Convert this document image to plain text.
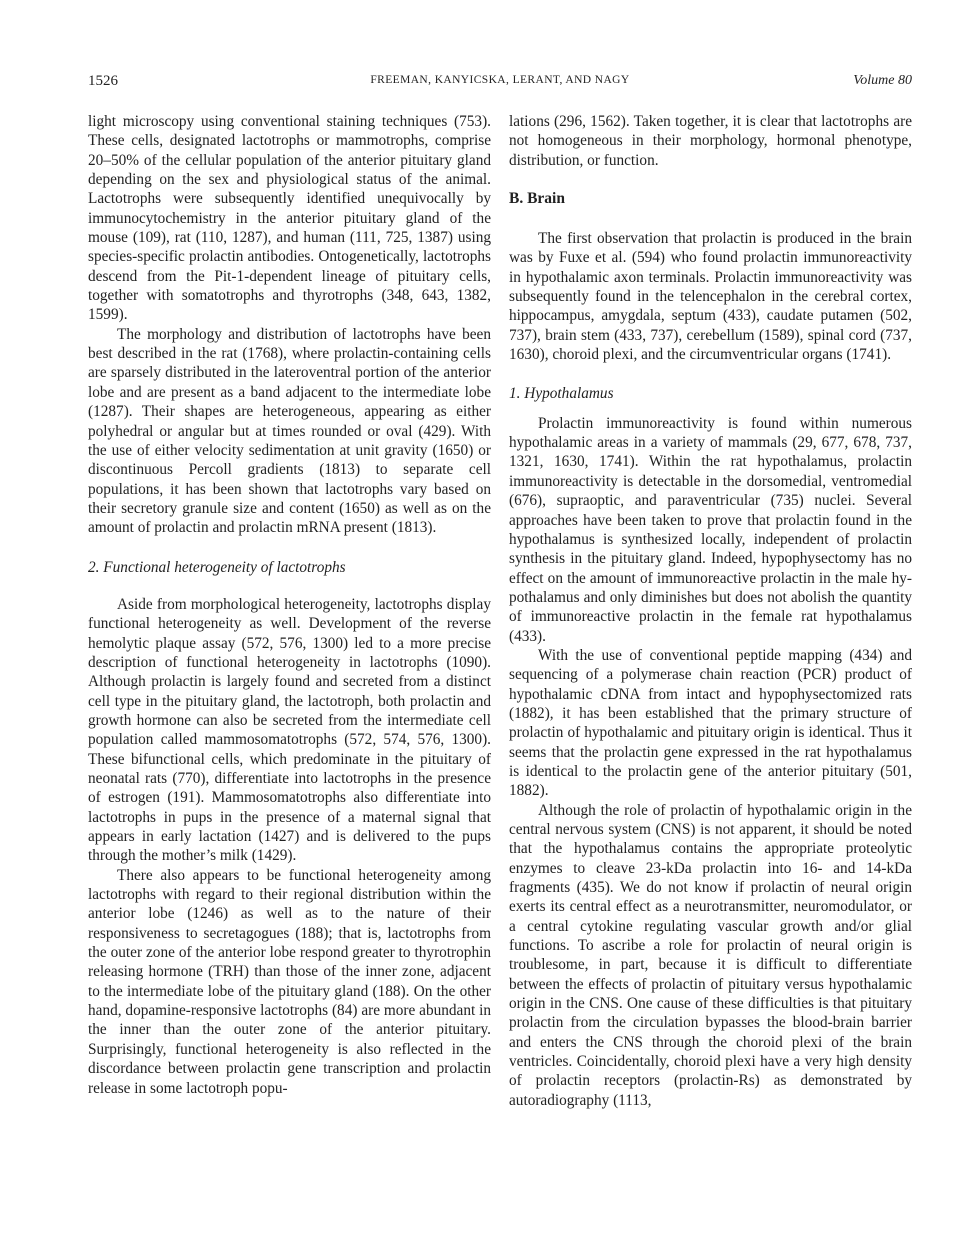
1526	FREEMAN, KANYICSKA, LERANT, AND NAGY	Volume 80

light microscopy using conventional staining techniques (753). These cells, designated lactotrophs or mammotrophs, comprise 20–50% of the cellular population of the anterior pituitary gland depending on the sex and physiological status of the animal. Lactotrophs were subsequently identified unequivocally by immunocytochemistry in the anterior pituitary gland of the mouse (109), rat (110, 1287), and human (111, 725, 1387) using species-specific prolactin antibodies. Ontogenetically, lactotrophs descend from the Pit-1-dependent lineage of pituitary cells, together with somatotrophs and thyrotrophs (348, 643, 1382, 1599).

The morphology and distribution of lactotrophs have been best described in the rat (1768), where prolactin-containing cells are sparsely distributed in the lateroventral portion of the anterior lobe and are present as a band adjacent to the intermediate lobe (1287). Their shapes are heterogeneous, appearing as either polyhedral or angular but at times rounded or oval (429). With the use of either velocity sedimentation at unit gravity (1650) or discontinuous Percoll gradients (1813) to separate cell populations, it has been shown that lactotrophs vary based on their secretory granule size and content (1650) as well as on the amount of prolactin and prolactin mRNA present (1813).

2. Functional heterogeneity of lactotrophs

Aside from morphological heterogeneity, lactotrophs display functional heterogeneity as well. Development of the reverse hemolytic plaque assay (572, 576, 1300) led to a more precise description of functional heterogeneity in lactotrophs (1090). Although prolactin is largely found and secreted from a distinct cell type in the pituitary gland, the lactotroph, both prolactin and growth hormone can also be secreted from the intermediate cell population called mammosomatotrophs (572, 574, 576, 1300). These bifunctional cells, which predominate in the pituitary of neonatal rats (770), differentiate into lactotrophs in the presence of estrogen (191). Mammosomatotrophs also differentiate into lactotrophs in pups in the presence of a maternal signal that appears in early lactation (1427) and is delivered to the pups through the mother’s milk (1429).

There also appears to be functional heterogeneity among lactotrophs with regard to their regional distribution within the anterior lobe (1246) as well as to the nature of their responsiveness to secretagogues (188); that is, lactotrophs from the outer zone of the anterior lobe respond greater to thyrotrophin releasing hormone (TRH) than those of the inner zone, adjacent to the intermediate lobe of the pituitary gland (188). On the other hand, dopamine-responsive lactotrophs (84) are more abundant in the inner than the outer zone of the anterior pituitary. Surprisingly, functional heterogeneity is also reflected in the discordance between prolactin gene transcription and prolactin release in some lactotroph popu-

lations (296, 1562). Taken together, it is clear that lactotrophs are not homogeneous in their morphology, hormonal phenotype, distribution, or function.

B. Brain

The first observation that prolactin is produced in the brain was by Fuxe et al. (594) who found prolactin immunoreactivity in hypothalamic axon terminals. Prolactin immunoreactivity was subsequently found in the telencephalon in the cerebral cortex, hippocampus, amygdala, septum (433), caudate putamen (502, 737), brain stem (433, 737), cerebellum (1589), spinal cord (737, 1630), choroid plexi, and the circumventricular organs (1741).

1. Hypothalamus

Prolactin immunoreactivity is found within numerous hypothalamic areas in a variety of mammals (29, 677, 678, 737, 1321, 1630, 1741). Within the rat hypothalamus, prolactin immunoreactivity is detectable in the dorsomedial, ventromedial (676), supraoptic, and paraventricular (735) nuclei. Several approaches have been taken to prove that prolactin found in the hypothalamus is synthesized locally, independent of prolactin synthesis in the pituitary gland. Indeed, hypophysectomy has no effect on the amount of immunoreactive prolactin in the male hypothalamus and only diminishes but does not abolish the quantity of immunoreactive prolactin in the female rat hypothalamus (433).

With the use of conventional peptide mapping (434) and sequencing of a polymerase chain reaction (PCR) product of hypothalamic cDNA from intact and hypophysectomized rats (1882), it has been established that the primary structure of prolactin of hypothalamic and pituitary origin is identical. Thus it seems that the prolactin gene expressed in the rat hypothalamus is identical to the prolactin gene of the anterior pituitary (501, 1882).

Although the role of prolactin of hypothalamic origin in the central nervous system (CNS) is not apparent, it should be noted that the hypothalamus contains the appropriate proteolytic enzymes to cleave 23-kDa prolactin into 16- and 14-kDa fragments (435). We do not know if prolactin of neural origin exerts its central effect as a neurotransmitter, neuromodulator, or a central cytokine regulating vascular growth and/or glial functions. To ascribe a role for prolactin of neural origin is troublesome, in part, because it is difficult to differentiate between the effects of prolactin of pituitary versus hypothalamic origin in the CNS. One cause of these difficulties is that pituitary prolactin from the circulation bypasses the blood-brain barrier and enters the CNS through the choroid plexi of the brain ventricles. Coincidentally, choroid plexi have a very high density of prolactin receptors (prolactin-Rs) as demonstrated by autoradiography (1113,
